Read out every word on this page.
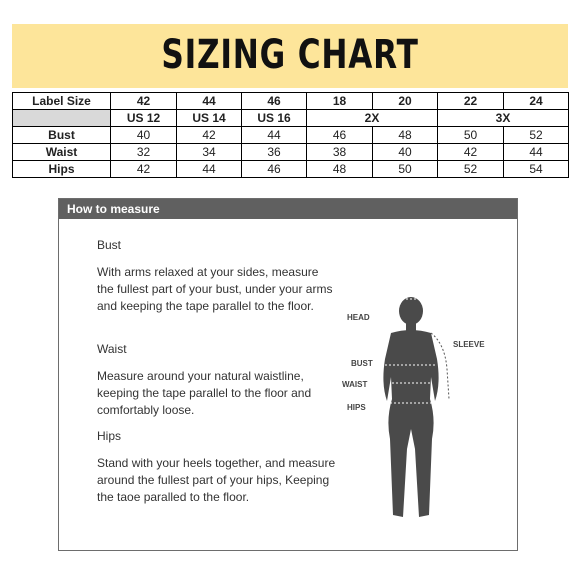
SIZING CHART
Label Size	42	44	46	18	20	22	24
	US 12	US 14	US 16	2X		3X	
Bust	40	42	44	46	48	50	52
Waist	32	34	36	38	40	42	44
Hips	42	44	46	48	50	52	54
How to measure
Bust
With arms relaxed at your sides, measure the fullest part of your bust, under your arms and keeping the tape parallel to the floor.
Waist
Measure around your natural waistline, keeping the tape parallel to the floor and comfortably loose.
Hips
Stand with your heels together, and measure around the fullest part of your hips, Keeping the taoe paralled to the floor.
HEAD
SLEEVE
BUST
WAIST
HIPS
